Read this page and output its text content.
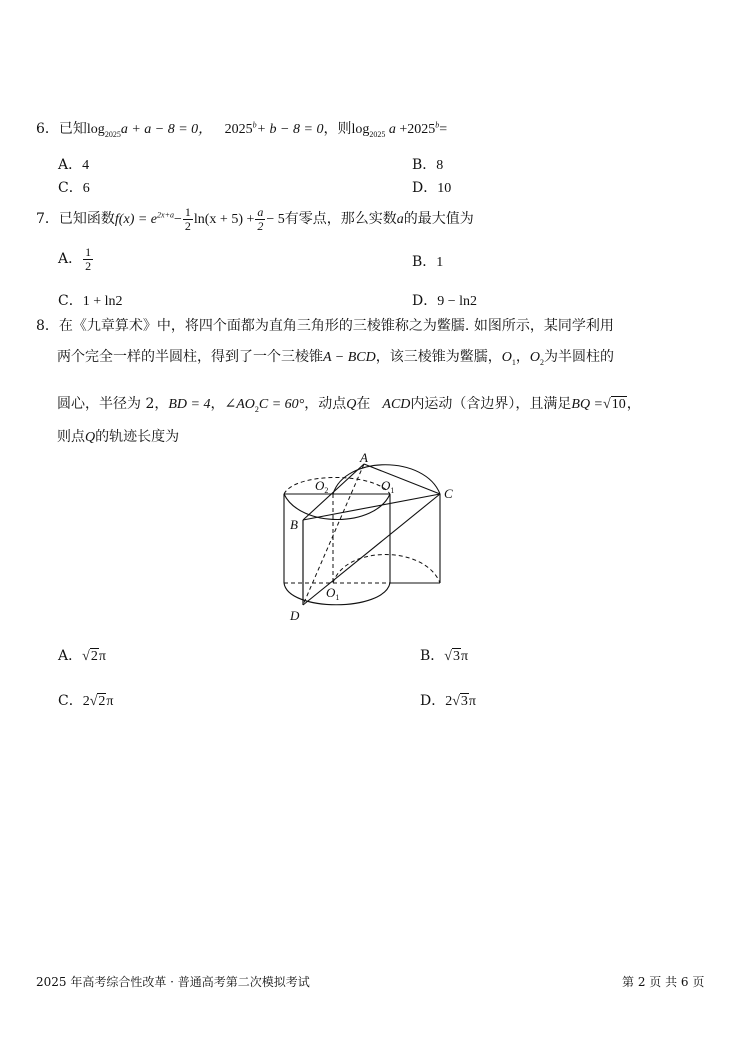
6．已知$\log_{2025}a + a - 8 = 0$， $2025^b+ b - 8 = 0$，则$\log_{2025} a +2025^b=$
A．4	B．8
C．6	D．10
7．已知函数$f(x) = e^{2x+a}- \frac{1}{2} \ln(x + 5) + \frac{a}{2} - 5$有零点，那么实数a的最大值为
A． $\frac{1}{2}$	B．1
C．1 + ln2	D．9 − ln2
8．在《九章算术》中，将四个面都为直角三角形的三棱锥称之为鳖臑. 如图所示，某同学利用
两个完全一样的半圆柱，得到了一个三棱锥A − BCD，该三棱锥为鳖臑，$O_1$，$O_2$为半圆柱的
圆心，半径为 2，BD = 4，$\angle AO_2C = 60^\circ$，动点Q在 ACD内运动（含边界），且满足BQ =√10，
则点Q的轨迹长度为
A
C
B
D
$O_2$	$O_1$
$O_1$
A．√2π	B．√3π
C．2√2π	D．2√3π
2025 年高考综合性改革 · 普通高考第二次模拟考试	第 2 页 共 6 页
